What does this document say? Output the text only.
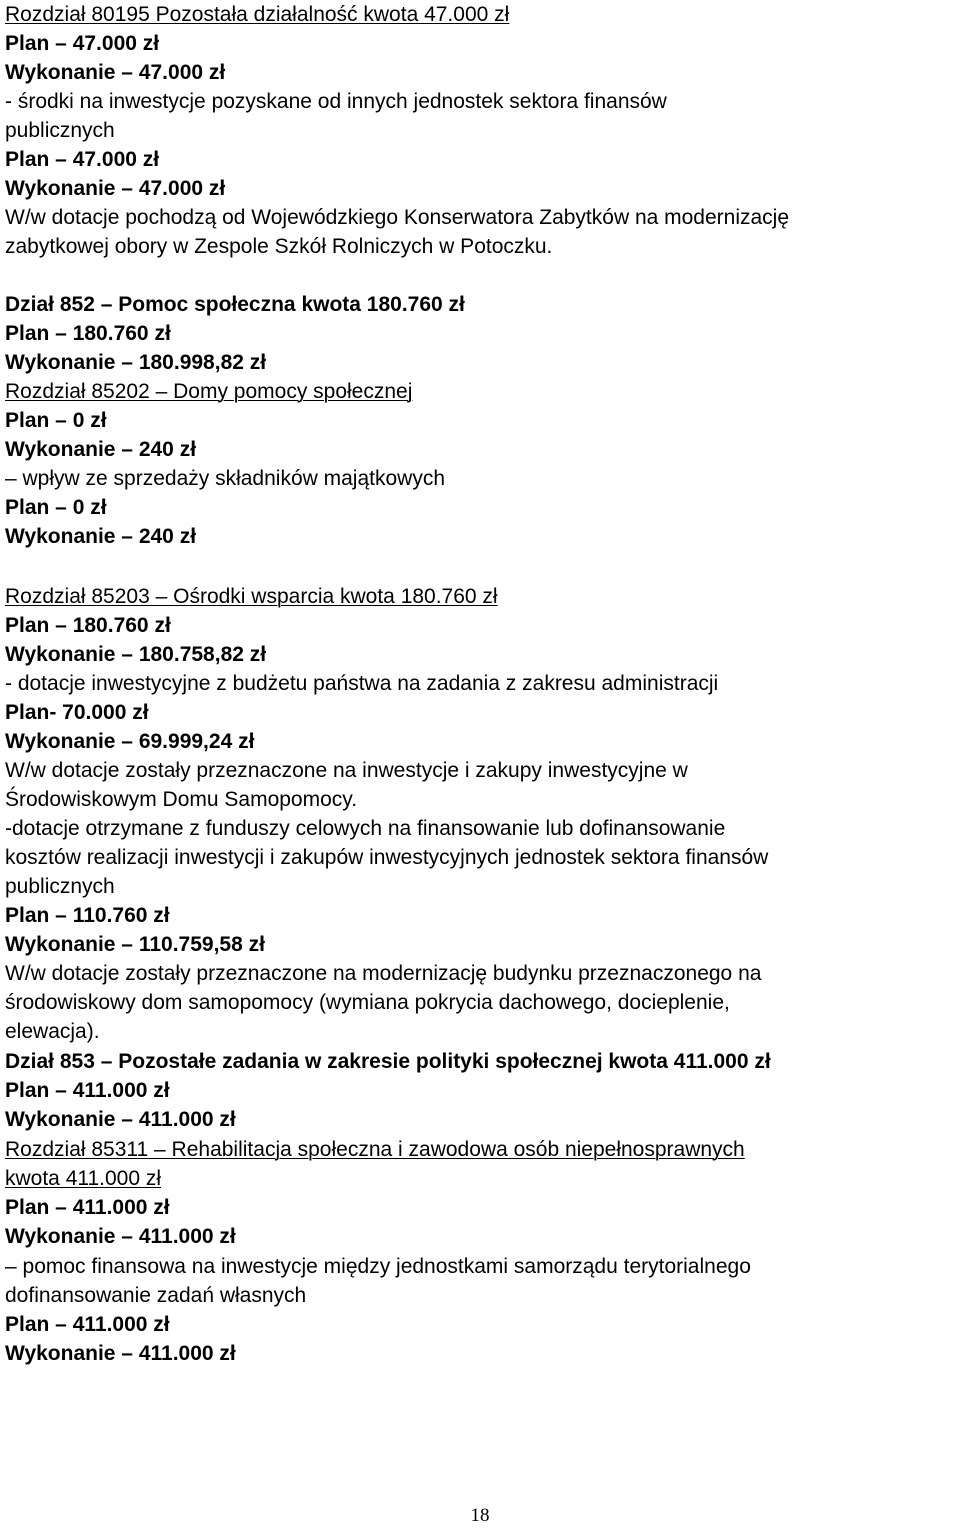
Rozdział 80195 Pozostała działalność kwota 47.000 zł
Plan – 47.000 zł
Wykonanie – 47.000 zł
- środki na inwestycje pozyskane od innych jednostek sektora finansów
publicznych
Plan – 47.000 zł
Wykonanie – 47.000 zł
W/w dotacje pochodzą od Wojewódzkiego Konserwatora Zabytków na modernizację
zabytkowej obory w Zespole Szkół Rolniczych w Potoczku.
Dział 852 – Pomoc społeczna kwota 180.760 zł
Plan – 180.760 zł
Wykonanie – 180.998,82 zł
Rozdział 85202 – Domy pomocy społecznej
Plan – 0 zł
Wykonanie – 240 zł
– wpływ ze sprzedaży składników majątkowych
Plan – 0 zł
Wykonanie – 240 zł
Rozdział 85203 – Ośrodki wsparcia kwota 180.760 zł
Plan – 180.760 zł
Wykonanie – 180.758,82 zł
- dotacje inwestycyjne z budżetu państwa na zadania z zakresu administracji
Plan- 70.000 zł
Wykonanie – 69.999,24 zł
W/w dotacje zostały przeznaczone na inwestycje i zakupy inwestycyjne w
Środowiskowym Domu Samopomocy.
-dotacje otrzymane z funduszy celowych na finansowanie lub dofinansowanie
kosztów realizacji inwestycji i zakupów inwestycyjnych jednostek sektora finansów
publicznych
Plan – 110.760 zł
Wykonanie – 110.759,58 zł
W/w dotacje zostały przeznaczone na modernizację budynku przeznaczonego na
środowiskowy dom samopomocy (wymiana pokrycia dachowego, docieplenie,
elewacja).
Dział 853 – Pozostałe zadania w zakresie polityki społecznej kwota 411.000 zł
Plan – 411.000 zł
Wykonanie – 411.000 zł
Rozdział 85311 – Rehabilitacja społeczna i zawodowa osób niepełnosprawnych
kwota 411.000 zł
Plan – 411.000 zł
Wykonanie – 411.000 zł
– pomoc finansowa na inwestycje między jednostkami samorządu terytorialnego
dofinansowanie zadań własnych
Plan – 411.000 zł
Wykonanie – 411.000 zł
18
